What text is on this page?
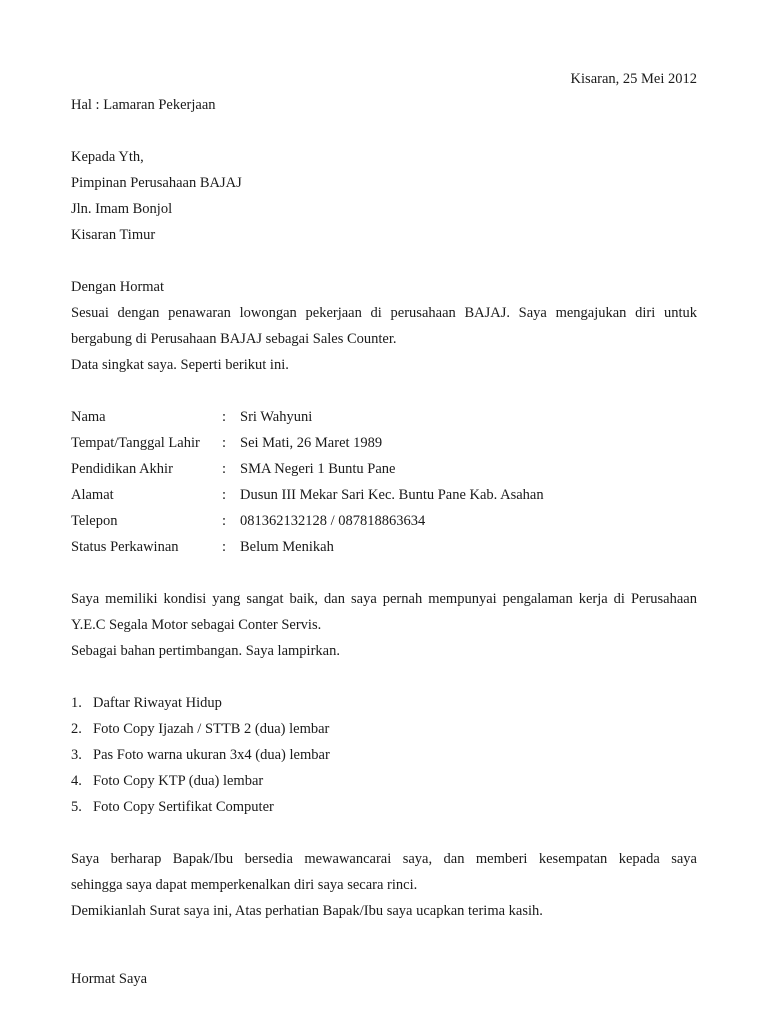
Kisaran, 25 Mei 2012
Hal : Lamaran Pekerjaan
Kepada Yth,
Pimpinan Perusahaan BAJAJ
Jln. Imam Bonjol
Kisaran Timur
Dengan Hormat
Sesuai dengan penawaran lowongan pekerjaan di perusahaan BAJAJ. Saya mengajukan diri untuk
bergabung di Perusahaan BAJAJ sebagai Sales Counter.
Data singkat saya. Seperti berikut ini.
Nama	: Sri Wahyuni
Tempat/Tanggal Lahir	: Sei Mati, 26 Maret 1989
Pendidikan Akhir	: SMA Negeri 1 Buntu Pane
Alamat	: Dusun III Mekar Sari Kec. Buntu Pane Kab. Asahan
Telepon	: 081362132128 / 087818863634
Status Perkawinan	: Belum Menikah
Saya memiliki kondisi yang sangat baik, dan saya pernah mempunyai pengalaman kerja di Perusahaan
Y.E.C Segala Motor sebagai Conter Servis.
Sebagai bahan pertimbangan. Saya lampirkan.
1. Daftar Riwayat Hidup
2. Foto Copy Ijazah / STTB 2 (dua) lembar
3. Pas Foto warna ukuran 3x4 (dua) lembar
4. Foto Copy KTP (dua) lembar
5. Foto Copy Sertifikat Computer
Saya berharap Bapak/Ibu bersedia mewawancarai saya, dan memberi kesempatan kepada saya
sehingga saya dapat memperkenalkan diri saya secara rinci.
Demikianlah Surat saya ini, Atas perhatian Bapak/Ibu saya ucapkan terima kasih.
Hormat Saya
